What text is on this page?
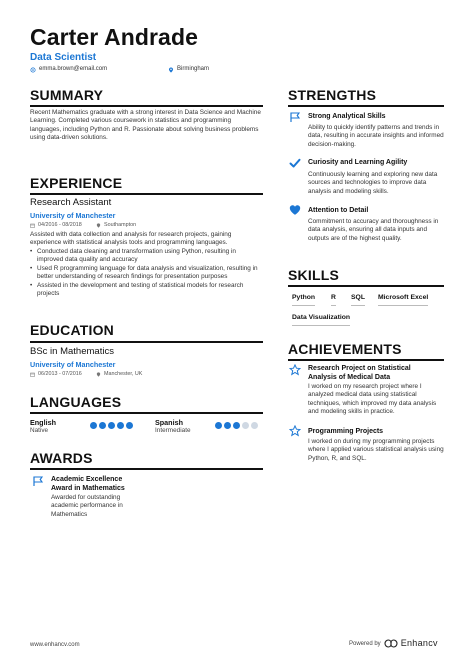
Carter Andrade
Data Scientist
emma.brown@email.com	Birmingham
SUMMARY
Recent Mathematics graduate with a strong interest in Data Science and Machine Learning. Completed various coursework in statistics and programming languages, including Python and R. Passionate about solving business problems using data-driven solutions.
EXPERIENCE
Research Assistant
University of Manchester
04/2016 - 08/2018	Southampton
Assisted with data collection and analysis for research projects, gaining experience with statistical analysis tools and programming languages.
• Conducted data cleaning and transformation using Python, resulting in improved data quality and accuracy
• Used R programming language for data analysis and visualization, resulting in better understanding of research findings for presentation purposes
• Assisted in the development and testing of statistical models for research projects
EDUCATION
BSc in Mathematics
University of Manchester
06/2013 - 07/2016	Manchester, UK
LANGUAGES
English
Native
Spanish
Intermediate
AWARDS
Academic Excellence Award in Mathematics
Awarded for outstanding academic performance in Mathematics
STRENGTHS
Strong Analytical Skills
Ability to quickly identify patterns and trends in data, resulting in accurate insights and informed decision-making.
Curiosity and Learning Agility
Continuously learning and exploring new data sources and technologies to improve data analysis and modeling skills.
Attention to Detail
Commitment to accuracy and thoroughness in data analysis, ensuring all data inputs and outputs are of the highest quality.
SKILLS
Python R SQL Microsoft Excel
Data Visualization
ACHIEVEMENTS
Research Project on Statistical Analysis of Medical Data
I worked on my research project where I analyzed medical data using statistical techniques, which improved my data analysis and modeling skills in practice.
Programming Projects
I worked on during my programming projects where I applied various statistical analysis using Python, R, and SQL.
www.enhancv.com	Powered by Enhancv
